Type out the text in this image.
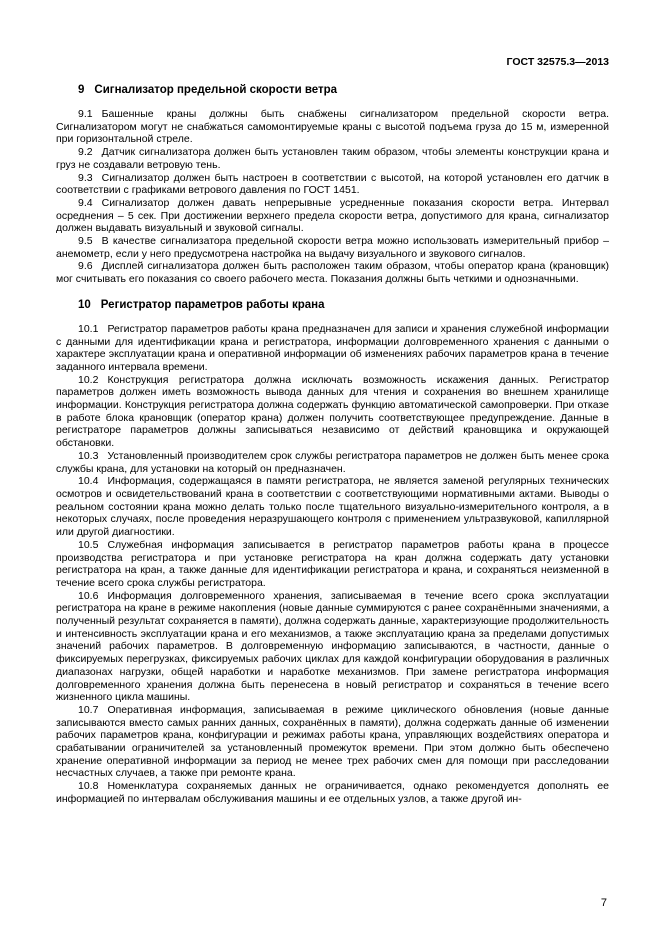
ГОСТ 32575.3—2013
9 Сигнализатор предельной скорости ветра

9.1 Башенные краны должны быть снабжены сигнализатором предельной скорости ветра. Сигнализатором могут не снабжаться самомонтируемые краны с высотой подъема груза до 15 м, измеренной при горизонтальной стреле.

9.2 Датчик сигнализатора должен быть установлен таким образом, чтобы элементы конструкции крана и груз не создавали ветровую тень.

9.3 Сигнализатор должен быть настроен в соответствии с высотой, на которой установлен его датчик в соответствии с графиками ветрового давления по ГОСТ 1451.

9.4 Сигнализатор должен давать непрерывные усредненные показания скорости ветра. Интервал осреднения – 5 сек. При достижении верхнего предела скорости ветра, допустимого для крана, сигнализатор должен выдавать визуальный и звуковой сигналы.

9.5 В качестве сигнализатора предельной скорости ветра можно использовать измерительный прибор – анемометр, если у него предусмотрена настройка на выдачу визуального и звукового сигналов.

9.6 Дисплей сигнализатора должен быть расположен таким образом, чтобы оператор крана (крановщик) мог считывать его показания со своего рабочего места. Показания должны быть четкими и однозначными.

10 Регистратор параметров работы крана

10.1 Регистратор параметров работы крана предназначен для записи и хранения служебной информации с данными для идентификации крана и регистратора, информации долговременного хранения с данными о характере эксплуатации крана и оперативной информации об изменениях рабочих параметров крана в течение заданного интервала времени.

10.2 Конструкция регистратора должна исключать возможность искажения данных. Регистратор параметров должен иметь возможность вывода данных для чтения и сохранения во внешнем хранилище информации. Конструкция регистратора должна содержать функцию автоматической самопроверки. При отказе в работе блока крановщик (оператор крана) должен получить соответствующее предупреждение. Данные в регистраторе параметров должны записываться независимо от действий крановщика и окружающей обстановки.

10.3 Установленный производителем срок службы регистратора параметров не должен быть менее срока службы крана, для установки на который он предназначен.

10.4 Информация, содержащаяся в памяти регистратора, не является заменой регулярных технических осмотров и освидетельствований крана в соответствии с соответствующими нормативными актами. Выводы о реальном состоянии крана можно делать только после тщательного визуально-измерительного контроля, а в некоторых случаях, после проведения неразрушающего контроля с применением ультразвуковой, капиллярной или другой диагностики.

10.5 Служебная информация записывается в регистратор параметров работы крана в процессе производства регистратора и при установке регистратора на кран должна содержать дату установки регистратора на кран, а также данные для идентификации регистратора и крана, и сохраняться неизменной в течение всего срока службы регистратора.

10.6 Информация долговременного хранения, записываемая в течение всего срока эксплуатации регистратора на кране в режиме накопления (новые данные суммируются с ранее сохранёнными значениями, а полученный результат сохраняется в памяти), должна содержать данные, характеризующие продолжительность и интенсивность эксплуатации крана и его механизмов, а также эксплуатацию крана за пределами допустимых значений рабочих параметров. В долговременную информацию записываются, в частности, данные о фиксируемых перегрузках, фиксируемых рабочих циклах для каждой конфигурации оборудования в различных диапазонах нагрузки, общей наработки и наработке механизмов. При замене регистратора информация долговременного хранения должна быть перенесена в новый регистратор и сохраняться в течение всего жизненного цикла машины.

10.7 Оперативная информация, записываемая в режиме циклического обновления (новые данные записываются вместо самых ранних данных, сохранённых в памяти), должна содержать данные об изменении рабочих параметров крана, конфигурации и режимах работы крана, управляющих воздействиях оператора и срабатывании ограничителей за установленный промежуток времени. При этом должно быть обеспечено хранение оперативной информации за период не менее трех рабочих смен для помощи при расследовании несчастных случаев, а также при ремонте крана.

10.8 Номенклатура сохраняемых данных не ограничивается, однако рекомендуется дополнять ее информацией по интервалам обслуживания машины и ее отдельных узлов, а также другой ин-

7
